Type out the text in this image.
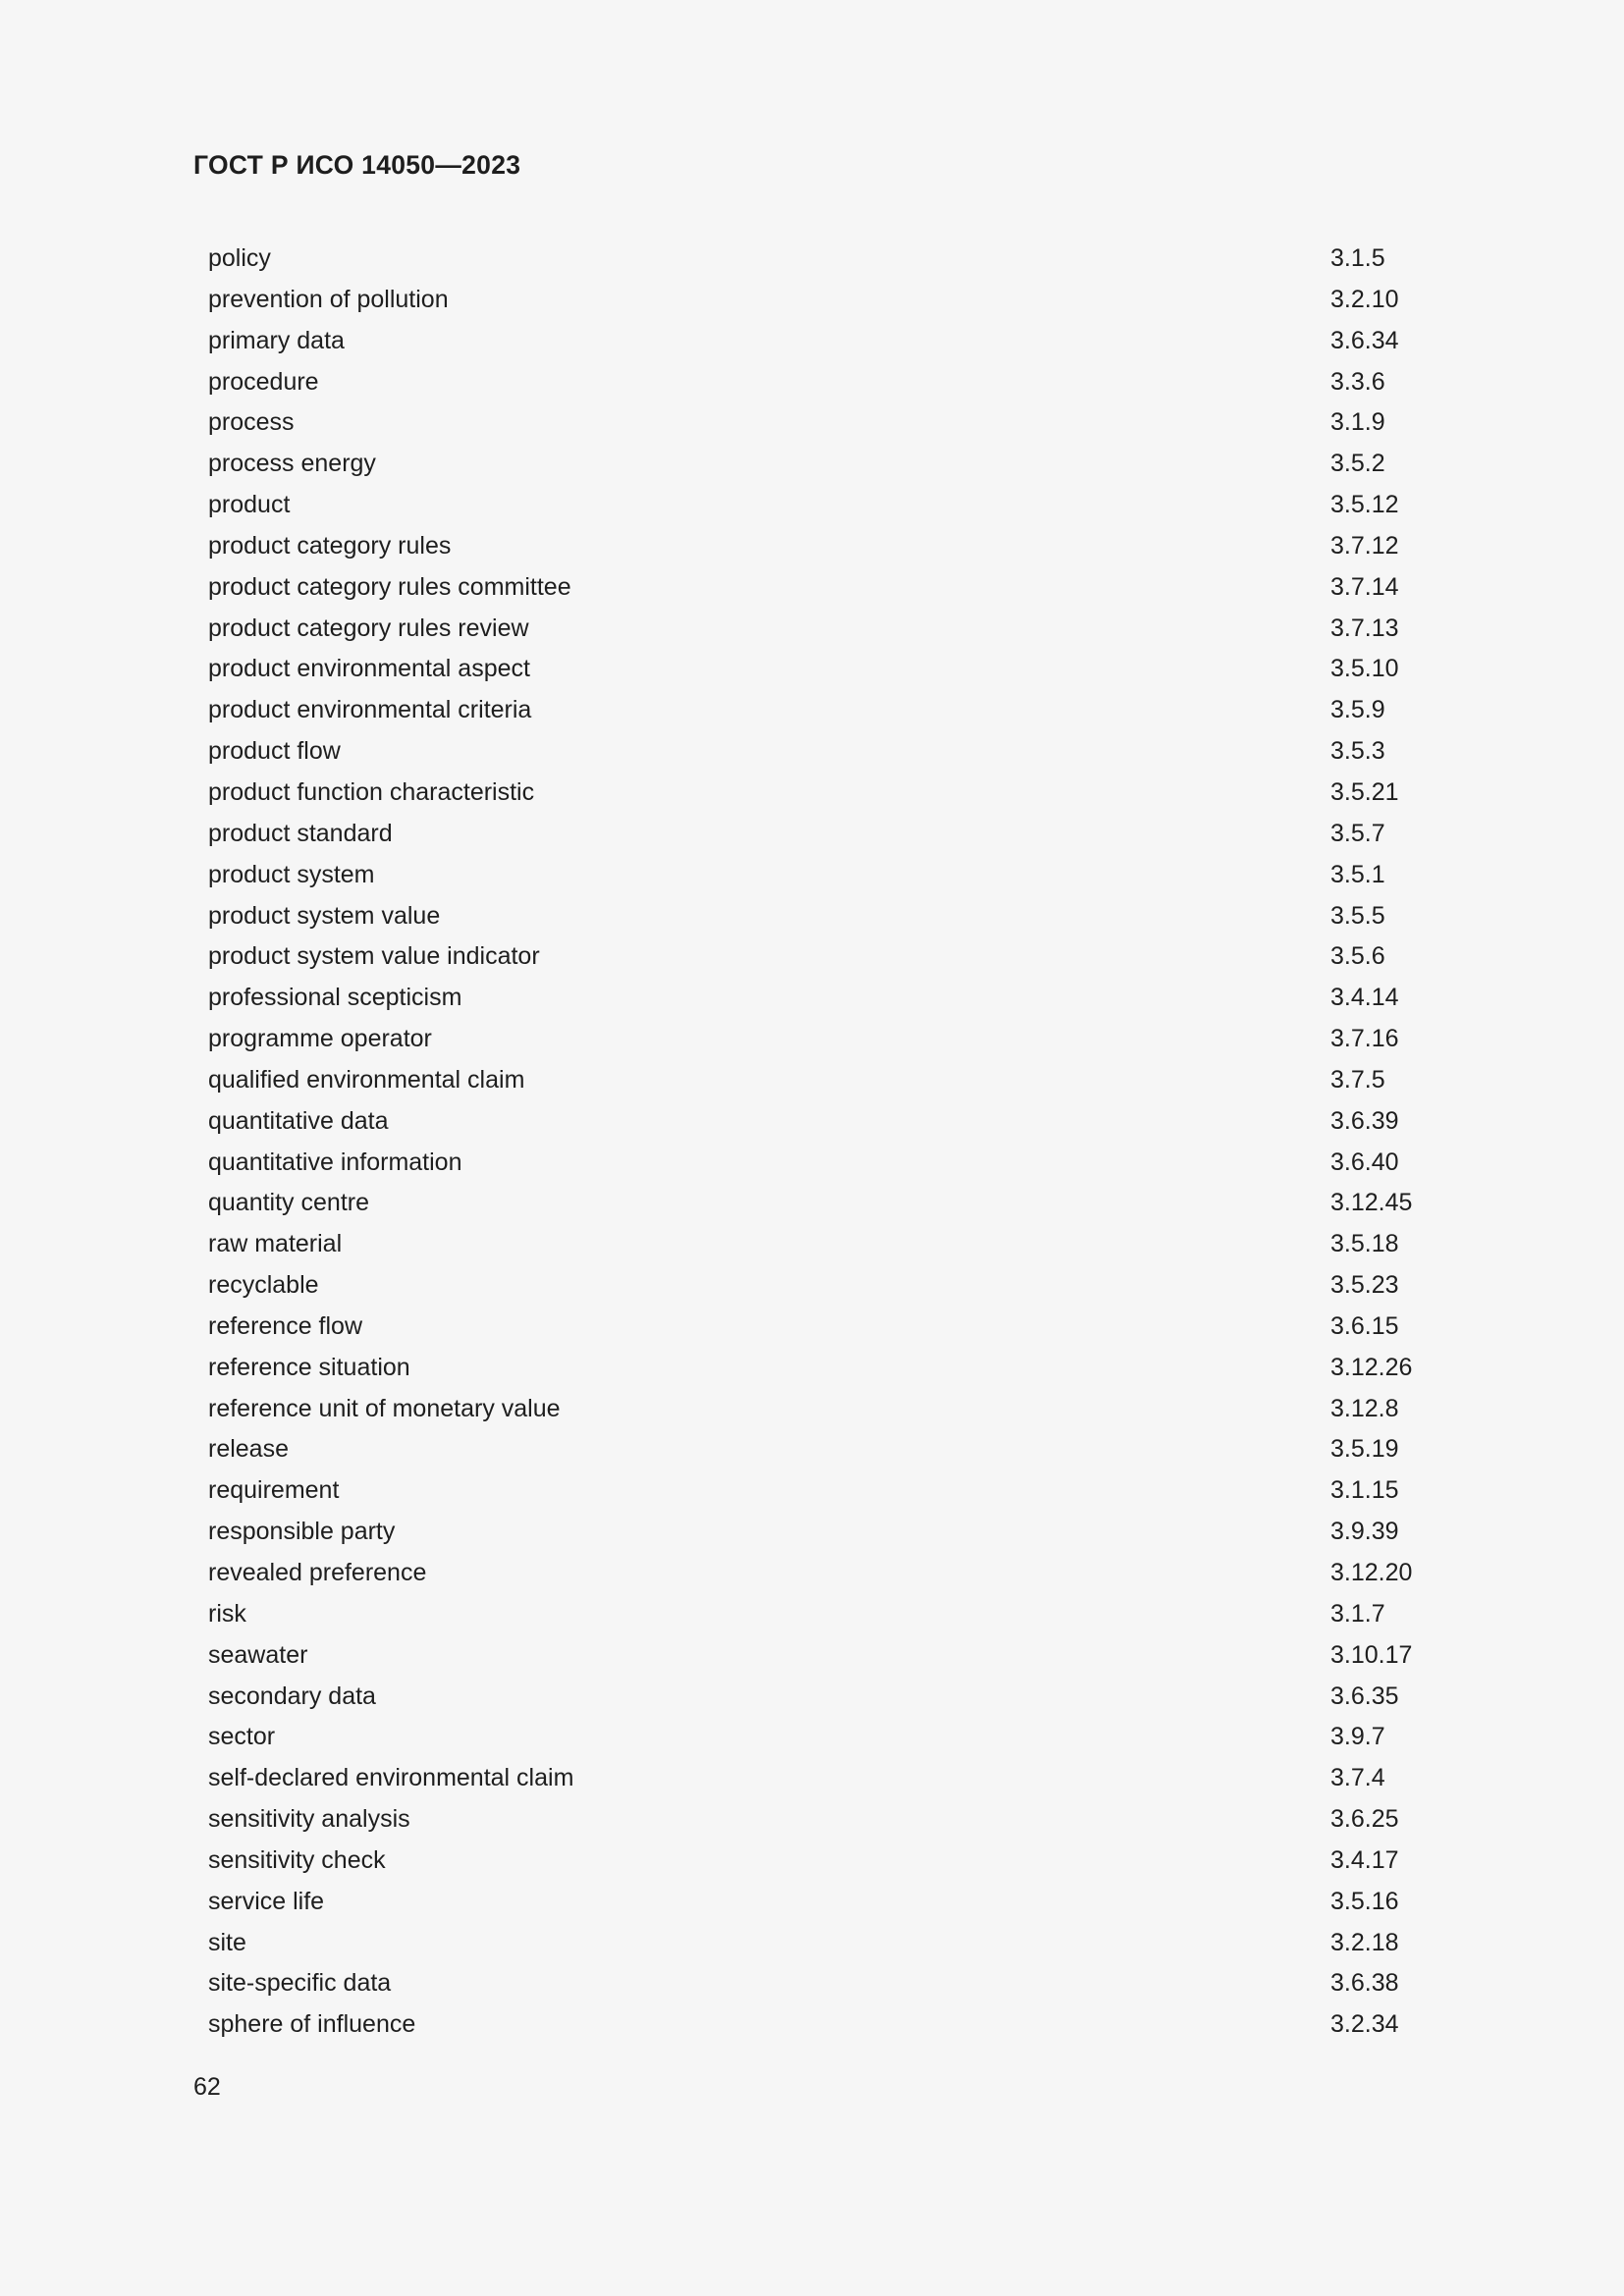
ГОСТ Р ИСО 14050—2023
policy	3.1.5
prevention of pollution	3.2.10
primary data	3.6.34
procedure	3.3.6
process	3.1.9
process energy	3.5.2
product	3.5.12
product category rules	3.7.12
product category rules committee	3.7.14
product category rules review	3.7.13
product environmental aspect	3.5.10
product environmental criteria	3.5.9
product flow	3.5.3
product function characteristic	3.5.21
product standard	3.5.7
product system	3.5.1
product system value	3.5.5
product system value indicator	3.5.6
professional scepticism	3.4.14
programme operator	3.7.16
qualified environmental claim	3.7.5
quantitative data	3.6.39
quantitative information	3.6.40
quantity centre	3.12.45
raw material	3.5.18
recyclable	3.5.23
reference flow	3.6.15
reference situation	3.12.26
reference unit of monetary value	3.12.8
release	3.5.19
requirement	3.1.15
responsible party	3.9.39
revealed preference	3.12.20
risk	3.1.7
seawater	3.10.17
secondary data	3.6.35
sector	3.9.7
self-declared environmental claim	3.7.4
sensitivity analysis	3.6.25
sensitivity check	3.4.17
service life	3.5.16
site	3.2.18
site-specific data	3.6.38
sphere of influence	3.2.34
62
